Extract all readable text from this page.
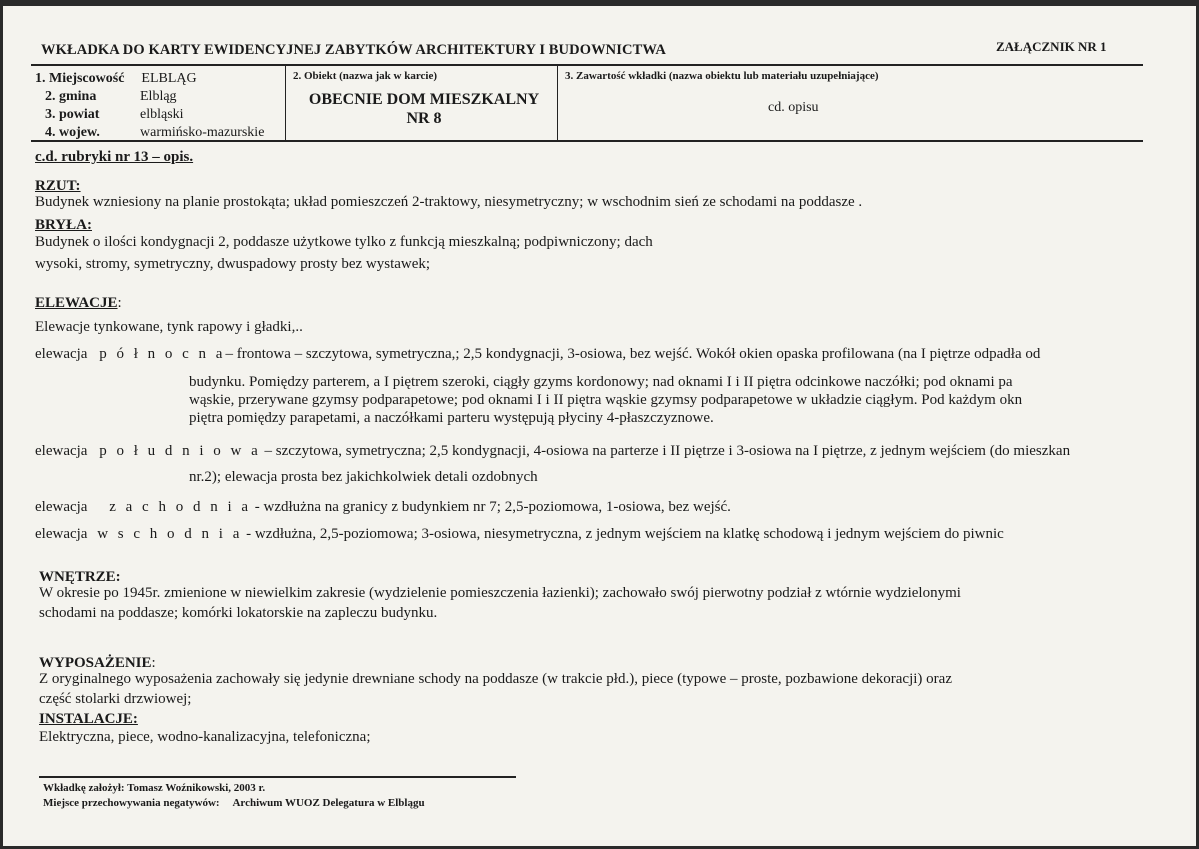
WKŁADKA DO KARTY EWIDENCYJNEJ ZABYTKÓW ARCHITEKTURY I BUDOWNICTWA	ZAŁĄCZNIK NR 1
1. Miejscowość ELBLĄG
2. gmina	Elbląg
3. powiat	elbląski
4. wojew.	warmińsko-mazurskie
2. Obiekt (nazwa jak w karcie)
OBECNIE DOM MIESZKALNY
NR 8
3. Zawartość wkładki (nazwa obiektu lub materiału uzupełniające)
cd. opisu
c.d. rubryki nr 13 – opis.
RZUT:
Budynek wzniesiony na planie prostokąta; układ pomieszczeń 2-traktowy, niesymetryczny; w wschodnim sień ze schodami na poddasze .
BRYŁA:
Budynek o ilości kondygnacji 2, poddasze użytkowe tylko z funkcją mieszkalną; podpiwniczony; dach
wysoki, stromy, symetryczny, dwuspadowy prosty bez wystawek;
ELEWACJE:
Elewacje tynkowane, tynk rapowy i gładki,..
elewacja p ó ł n o c n a– frontowa – szczytowa, symetryczna,; 2,5 kondygnacji, 3-osiowa, bez wejść. Wokół okien opaska profilowana (na I piętrze odpadła od
budynku. Pomiędzy parterem, a I piętrem szeroki, ciągły gzyms kordonowy; nad oknami I i II piętra odcinkowe naczółki; pod oknami pa
wąskie, przerywane gzymsy podparapetowe; pod oknami I i II piętra wąskie gzymsy podparapetowe w układzie ciągłym. Pod każdym okn
piętra pomiędzy parapetami, a naczółkami parteru występują płyciny 4-płaszczyznowe.
elewacja p o ł u d n i o w a – szczytowa, symetryczna; 2,5 kondygnacji, 4-osiowa na parterze i II piętrze i 3-osiowa na I piętrze, z jednym wejściem (do mieszkan
nr.2); elewacja prosta bez jakichkolwiek detali ozdobnych
elewacja z a c h o d n i a - wzdłużna na granicy z budynkiem nr 7; 2,5-poziomowa, 1-osiowa, bez wejść.
elewacja w s c h o d n i a - wzdłużna, 2,5-poziomowa; 3-osiowa, niesymetryczna, z jednym wejściem na klatkę schodową i jednym wejściem do piwnic
WNĘTRZE:
W okresie po 1945r. zmienione w niewielkim zakresie (wydzielenie pomieszczenia łazienki); zachowało swój pierwotny podział z wtórnie wydzielonymi
schodami na poddasze; komórki lokatorskie na zapleczu budynku.
WYPOSAŻENIE:
Z oryginalnego wyposażenia zachowały się jedynie drewniane schody na poddasze (w trakcie płd.), piece (typowe – proste, pozbawione dekoracji) oraz
część stolarki drzwiowej;
INSTALACJE:
Elektryczna, piece, wodno-kanalizacyjna, telefoniczna;
Wkładkę założył: Tomasz Woźnikowski, 2003 r.
Miejsce przechowywania negatywów: Archiwum WUOZ Delegatura w Elblągu
